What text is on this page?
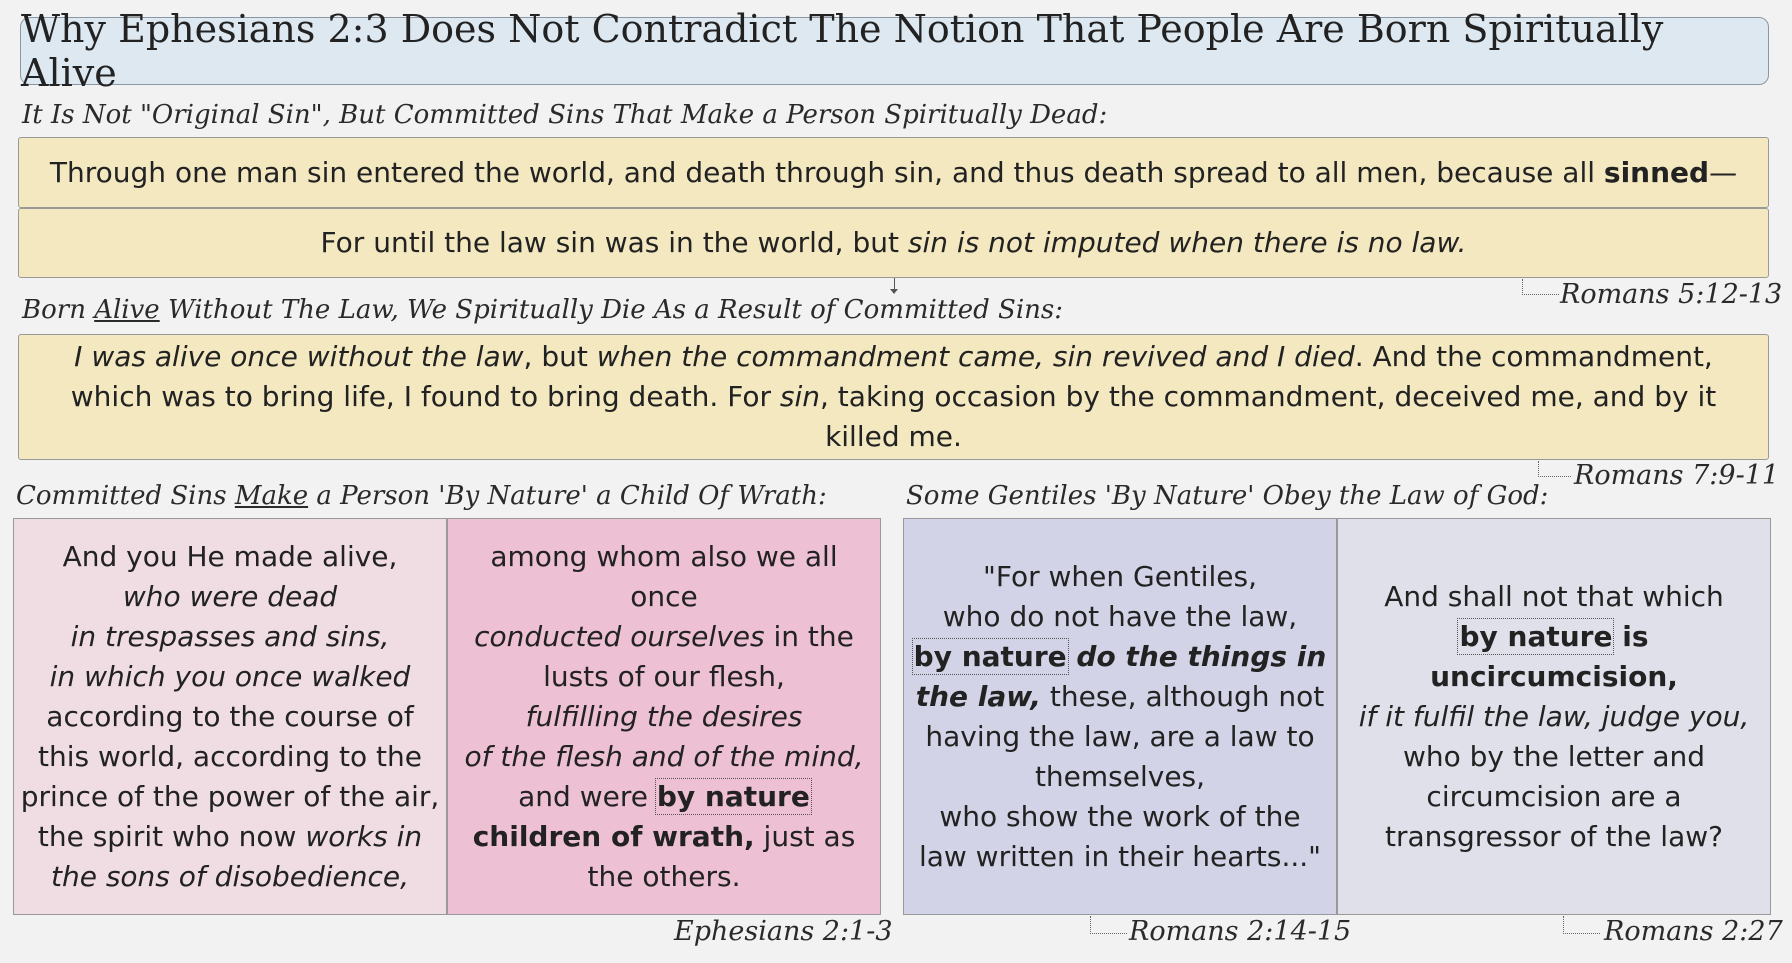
Why Ephesians 2:3 Does Not Contradict The Notion That People Are Born Spiritually Alive
It Is Not "Original Sin", But Committed Sins That Make a Person Spiritually Dead:
Through one man sin entered the world, and death through sin, and thus death spread to all men, because all sinned—
For until the law sin was in the world, but sin is not imputed when there is no law.
Romans 5:12-13
Born Alive Without The Law, We Spiritually Die As a Result of Committed Sins:
I was alive once without the law, but when the commandment came, sin revived and I died. And the commandment, which was to bring life, I found to bring death. For sin, taking occasion by the commandment, deceived me, and by it killed me.
Romans 7:9-11
Committed Sins Make a Person 'By Nature' a Child Of Wrath:
And you He made alive,
who were dead
in trespasses and sins,
in which you once walked
according to the course of this world, according to the prince of the power of the air, the spirit who now works in the sons of disobedience,
among whom also we all once
conducted ourselves in the lusts of our flesh,
fulfilling the desires
of the flesh and of the mind,
and were by nature children of wrath, just as the others.
Ephesians 2:1-3
Some Gentiles 'By Nature' Obey the Law of God:
"For when Gentiles,
who do not have the law,
by nature do the things in the law, these, although not having the law, are a law to themselves,
who show the work of the law written in their hearts..."
And shall not that which
by nature is uncircumcision,
if it fulfil the law, judge you,
who by the letter and circumcision are a transgressor of the law?
Romans 2:14-15	Romans 2:27
